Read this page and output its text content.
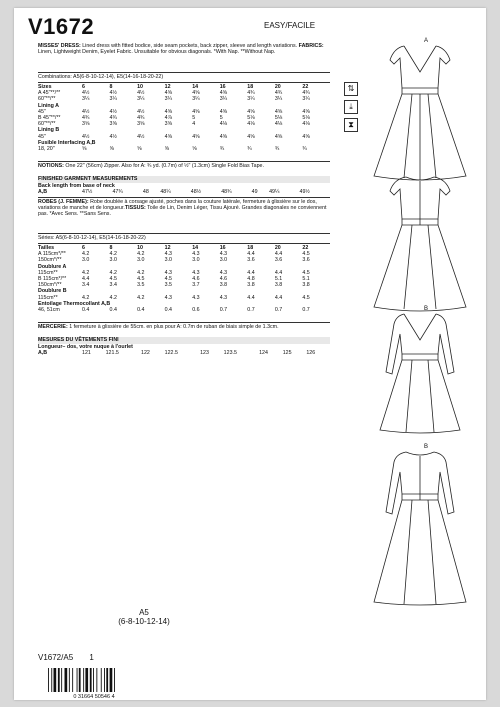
V1672	EASY/FACILE
MISSES' DRESS: Lined dress with fitted bodice, side seam pockets, back zipper, sleeve and length variations. FABRICS: Linen, Lightweight Denim, Eyelet Fabric. Unsuitable for obvious diagonals. *With Nap. **Without Nap.
Combinations: A5(6-8-10-12-14), E5(14-16-18-20-22)
Sizes	6	8	10	12	14	16	18	20	22
A 45"**/**	4½	4½	4½	4⅝	4⅝	4⅝	4¾	4¾	4¾
60"**/**	3¼	3¼	3¼	3¼	3¼	3¼	3¼	3¼	3¼
Lining A									
45"	4½	4½	4½	4⅝	4⅝	4⅝	4⅝	4⅝	4⅝
B 45"**/**	4¾	4¾	4¾	4⅞	5	5	5⅛	5⅛	5⅛
60"**/**	3⅝	3⅝	3⅝	3⅝	4	4⅛	4⅛	4⅛	4⅛
Lining B									
45"	4½	4½	4½	4⅝	4⅝	4⅝	4⅝	4⅝	4⅝
Fusible Interfacing A,B									
18, 20"	⅝	⅝	⅝	⅝	⅝	¾	¾	¾	¾
NOTIONS: One 22" (56cm) Zipper. Also for A: ¾ yd. (0.7m) of ½" (1.3cm) Single Fold Bias Tape.
FINISHED GARMENT MEASUREMENTS
Back length from base of neck
A,B	47½	47¾	48	48¼	48½	48¾	49	49¼	49½
ROBES (J. FEMME): Robe doublée à corsage ajusté, poches dans la couture latérale, fermeture à glissière sur le dos, variations de manche et de longueur.TISSUS: Toile de Lin, Denim Léger, Tissu Ajouré. Grandes diagonales ne conviennent pas. *Avec Sens. **Sans Sens.
Séries: A5(6-8-10-12-14), E5(14-16-18-20-22)
Tailles	6	8	10	12	14	16	18	20	22
A 115cm*/**	4.2	4.2	4.2	4.3	4.3	4.3	4.4	4.4	4.5
150cm*/**	3.0	3.0	3.0	3.0	3.0	3.0	3.6	3.6	3.6
Doublure A									
115cm**	4.2	4.2	4.2	4.3	4.3	4.3	4.4	4.4	4.5
B 115cm*/**	4.4	4.5	4.5	4.5	4.6	4.6	4.8	5.1	5.1
150cm*/**	3.4	3.4	3.5	3.5	3.7	3.8	3.8	3.8	3.8
Doublure B									
115cm**	4.2	4.2	4.2	4.3	4.3	4.3	4.4	4.4	4.5
Entoilage Thermocollant A,B									
46, 51cm	0.4	0.4	0.4	0.4	0.6	0.7	0.7	0.7	0.7
MERCERIE: 1 fermeture à glissière de 55cm. en plus pour A: 0.7m de ruban de biais simple de 1.3cm.
MESURES DU VÊTEMENTS FINI
Longueur– dos, votre nuque à l'ourlet
A,B	121	121.5	122	122.5	123	123.5	124	125	126
⇅
⤓
⧗
A
B
B
A5
(6-8-10-12-14)
V1672/A5 1
0 31664 50546 4
